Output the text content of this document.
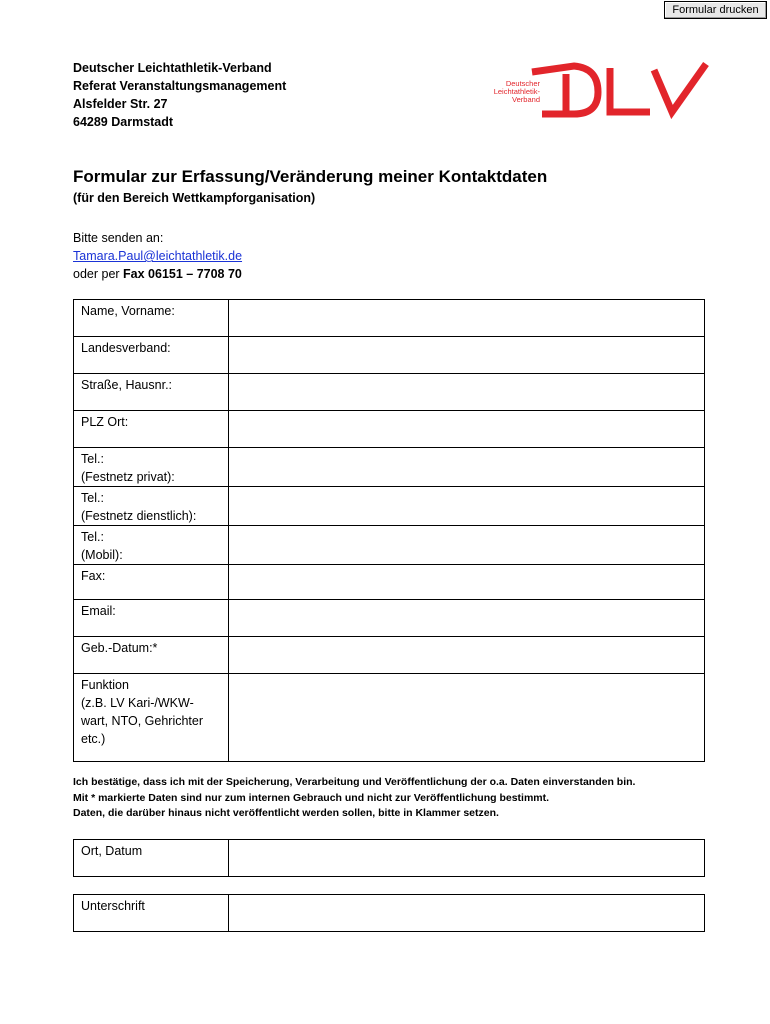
Formular drucken
Deutscher Leichtathletik-Verband
Referat Veranstaltungsmanagement
Alsfelder Str. 27
64289 Darmstadt
Deutscher
Leichtathletik-
Verband
Formular zur Erfassung/Veränderung meiner Kontaktdaten

(für den Bereich Wettkampforganisation)

Bitte senden an:
Tamara.Paul@leichtathletik.de
oder per Fax 06151 – 7708 70
Name, Vorname:	

Landesverband:	

Straße, Hausnr.:	

PLZ Ort:	

Tel.:
(Festnetz privat):	

Tel.:
(Festnetz dienstlich):	

Tel.:
(Mobil):	

Fax:	

Email:	

Geb.-Datum:*	

Funktion
(z.B. LV Kari-/WKW-
wart, NTO, Gehrichter
etc.)	

Ich bestätige, dass ich mit der Speicherung, Verarbeitung und Veröffentlichung der o.a. Daten einverstanden bin.
Mit * markierte Daten sind nur zum internen Gebrauch und nicht zur Veröffentlichung bestimmt.
Daten, die darüber hinaus nicht veröffentlicht werden sollen, bitte in Klammer setzen.
Ort, Datum	
Unterschrift	
